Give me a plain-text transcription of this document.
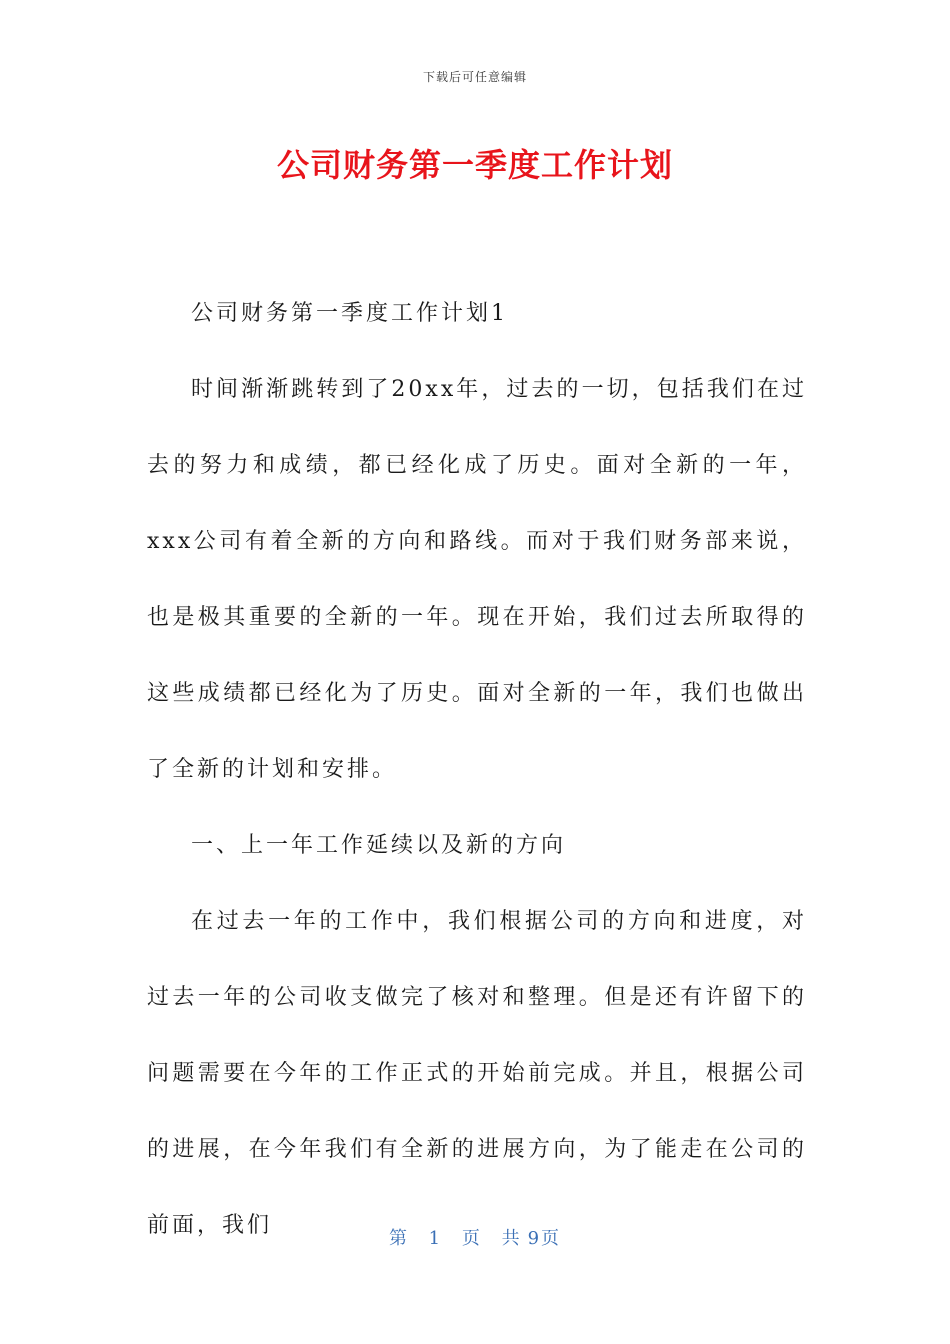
下载后可任意编辑
公司财务第一季度工作计划

公司财务第一季度工作计划1

时间渐渐跳转到了20xx年，过去的一切，包括我们在过去的努力和成绩，都已经化成了历史。面对全新的一年，xxx公司有着全新的方向和路线。而对于我们财务部来说，也是极其重要的全新的一年。现在开始，我们过去所取得的这些成绩都已经化为了历史。面对全新的一年，我们也做出了全新的计划和安排。

一、上一年工作延续以及新的方向

在过去一年的工作中，我们根据公司的方向和进度，对过去一年的公司收支做完了核对和整理。但是还有许留下的问题需要在今年的工作正式的开始前完成。并且，根据公司的进展，在今年我们有全新的进展方向，为了能走在公司的前面，我们

第 1 页 共 9页
